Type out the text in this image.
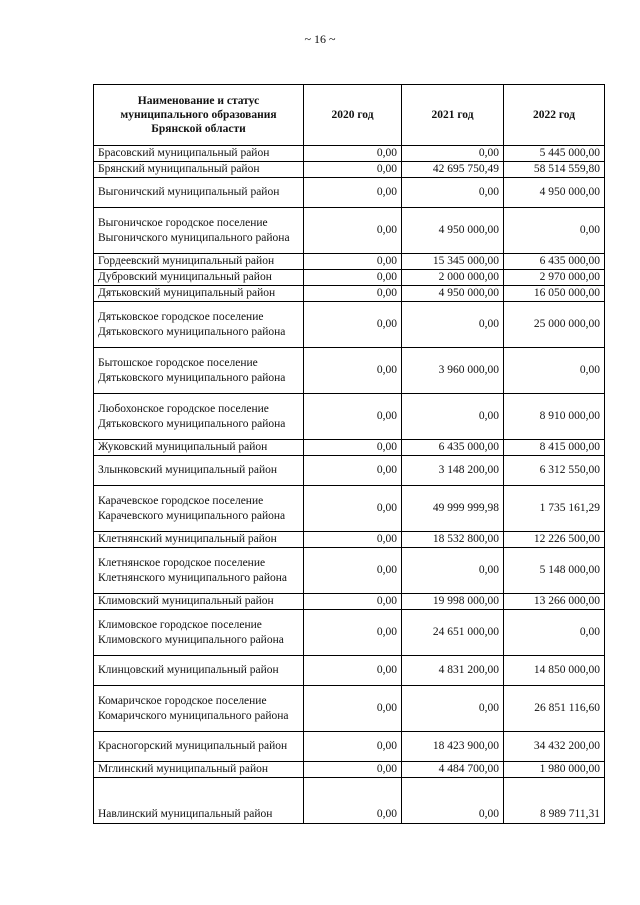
~ 16 ~
Наименование и статус муниципального образования Брянской области	2020 год	2021 год	2022 год
Брасовский муниципальный район	0,00	0,00	5 445 000,00
Брянский муниципальный район	0,00	42 695 750,49	58 514 559,80
Выгоничский муниципальный район	0,00	0,00	4 950 000,00
Выгоничское городское поселение Выгоничского муниципального района	0,00	4 950 000,00	0,00
Гордеевский муниципальный район	0,00	15 345 000,00	6 435 000,00
Дубровский муниципальный район	0,00	2 000 000,00	2 970 000,00
Дятьковский муниципальный район	0,00	4 950 000,00	16 050 000,00
Дятьковское городское поселение Дятьковского муниципального района	0,00	0,00	25 000 000,00
Бытошское городское поселение Дятьковского муниципального района	0,00	3 960 000,00	0,00
Любохонское городское поселение Дятьковского муниципального района	0,00	0,00	8 910 000,00
Жуковский муниципальный район	0,00	6 435 000,00	8 415 000,00
Злынковский муниципальный район	0,00	3 148 200,00	6 312 550,00
Карачевское городское поселение Карачевского муниципального района	0,00	49 999 999,98	1 735 161,29
Клетнянский муниципальный район	0,00	18 532 800,00	12 226 500,00
Клетнянское городское поселение Клетнянского муниципального района	0,00	0,00	5 148 000,00
Климовский муниципальный район	0,00	19 998 000,00	13 266 000,00
Климовское городское поселение Климовского муниципального района	0,00	24 651 000,00	0,00
Клинцовский муниципальный район	0,00	4 831 200,00	14 850 000,00
Комаричское городское поселение Комаричского муниципального района	0,00	0,00	26 851 116,60
Красногорский муниципальный район	0,00	18 423 900,00	34 432 200,00
Мглинский муниципальный район	0,00	4 484 700,00	1 980 000,00
Навлинский муниципальный район	0,00	0,00	8 989 711,31
